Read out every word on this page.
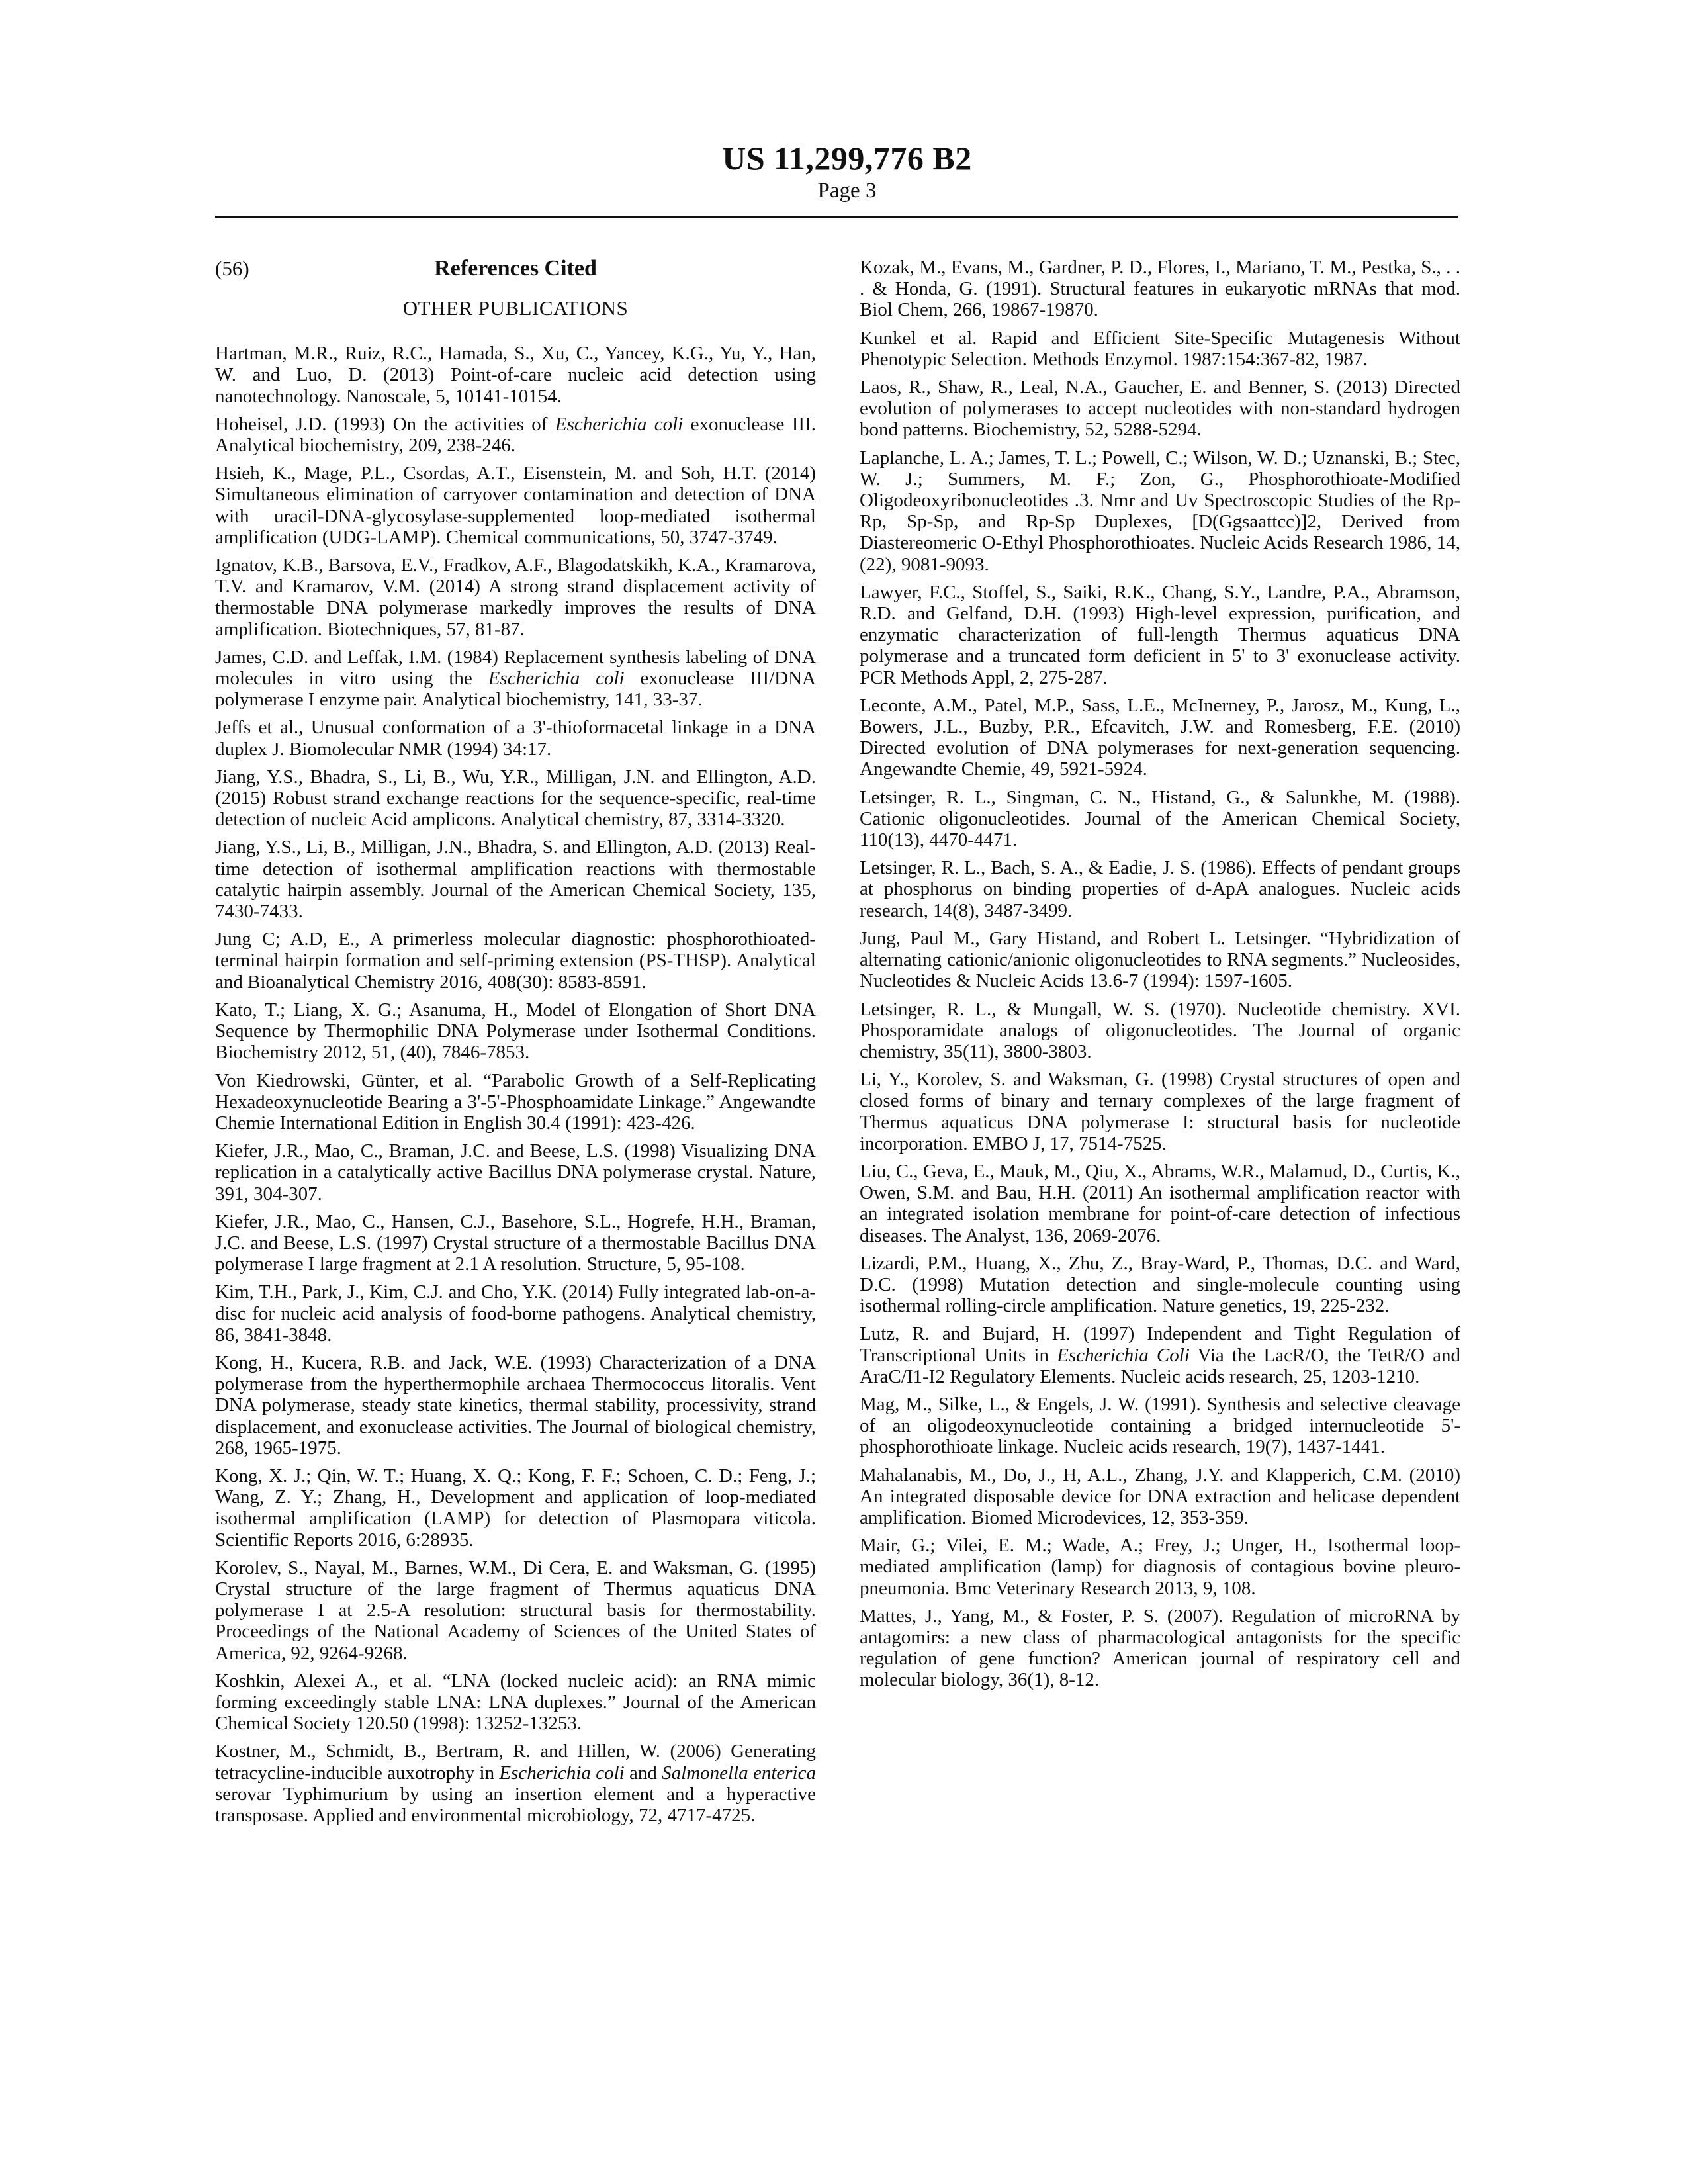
US 11,299,776 B2
Page 3
(56)	References Cited
OTHER PUBLICATIONS
Hartman, M.R., Ruiz, R.C., Hamada, S., Xu, C., Yancey, K.G., Yu, Y., Han, W. and Luo, D. (2013) Point-of-care nucleic acid detection using nanotechnology. Nanoscale, 5, 10141-10154.
Hoheisel, J.D. (1993) On the activities of Escherichia coli exonuclease III. Analytical biochemistry, 209, 238-246.
Hsieh, K., Mage, P.L., Csordas, A.T., Eisenstein, M. and Soh, H.T. (2014) Simultaneous elimination of carryover contamination and detection of DNA with uracil-DNA-glycosylase-supplemented loop-mediated isothermal amplification (UDG-LAMP). Chemical communications, 50, 3747-3749.
Ignatov, K.B., Barsova, E.V., Fradkov, A.F., Blagodatskikh, K.A., Kramarova, T.V. and Kramarov, V.M. (2014) A strong strand displacement activity of thermostable DNA polymerase markedly improves the results of DNA amplification. Biotechniques, 57, 81-87.
James, C.D. and Leffak, I.M. (1984) Replacement synthesis labeling of DNA molecules in vitro using the Escherichia coli exonuclease III/DNA polymerase I enzyme pair. Analytical biochemistry, 141, 33-37.
Jeffs et al., Unusual conformation of a 3'-thioformacetal linkage in a DNA duplex J. Biomolecular NMR (1994) 34:17.
Jiang, Y.S., Bhadra, S., Li, B., Wu, Y.R., Milligan, J.N. and Ellington, A.D. (2015) Robust strand exchange reactions for the sequence-specific, real-time detection of nucleic Acid amplicons. Analytical chemistry, 87, 3314-3320.
Jiang, Y.S., Li, B., Milligan, J.N., Bhadra, S. and Ellington, A.D. (2013) Real-time detection of isothermal amplification reactions with thermostable catalytic hairpin assembly. Journal of the American Chemical Society, 135, 7430-7433.
Jung C; A.D, E., A primerless molecular diagnostic: phosphorothioated-terminal hairpin formation and self-priming extension (PS-THSP). Analytical and Bioanalytical Chemistry 2016, 408(30): 8583-8591.
Kato, T.; Liang, X. G.; Asanuma, H., Model of Elongation of Short DNA Sequence by Thermophilic DNA Polymerase under Isothermal Conditions. Biochemistry 2012, 51, (40), 7846-7853.
Von Kiedrowski, Günter, et al. “Parabolic Growth of a Self-Replicating Hexadeoxynucleotide Bearing a 3'-5'-Phosphoamidate Linkage.” Angewandte Chemie International Edition in English 30.4 (1991): 423-426.
Kiefer, J.R., Mao, C., Braman, J.C. and Beese, L.S. (1998) Visualizing DNA replication in a catalytically active Bacillus DNA polymerase crystal. Nature, 391, 304-307.
Kiefer, J.R., Mao, C., Hansen, C.J., Basehore, S.L., Hogrefe, H.H., Braman, J.C. and Beese, L.S. (1997) Crystal structure of a thermostable Bacillus DNA polymerase I large fragment at 2.1 A resolution. Structure, 5, 95-108.
Kim, T.H., Park, J., Kim, C.J. and Cho, Y.K. (2014) Fully integrated lab-on-a-disc for nucleic acid analysis of food-borne pathogens. Analytical chemistry, 86, 3841-3848.
Kong, H., Kucera, R.B. and Jack, W.E. (1993) Characterization of a DNA polymerase from the hyperthermophile archaea Thermococcus litoralis. Vent DNA polymerase, steady state kinetics, thermal stability, processivity, strand displacement, and exonuclease activities. The Journal of biological chemistry, 268, 1965-1975.
Kong, X. J.; Qin, W. T.; Huang, X. Q.; Kong, F. F.; Schoen, C. D.; Feng, J.; Wang, Z. Y.; Zhang, H., Development and application of loop-mediated isothermal amplification (LAMP) for detection of Plasmopara viticola. Scientific Reports 2016, 6:28935.
Korolev, S., Nayal, M., Barnes, W.M., Di Cera, E. and Waksman, G. (1995) Crystal structure of the large fragment of Thermus aquaticus DNA polymerase I at 2.5-A resolution: structural basis for thermostability. Proceedings of the National Academy of Sciences of the United States of America, 92, 9264-9268.
Koshkin, Alexei A., et al. “LNA (locked nucleic acid): an RNA mimic forming exceedingly stable LNA: LNA duplexes.” Journal of the American Chemical Society 120.50 (1998): 13252-13253.
Kostner, M., Schmidt, B., Bertram, R. and Hillen, W. (2006) Generating tetracycline-inducible auxotrophy in Escherichia coli and Salmonella enterica serovar Typhimurium by using an insertion element and a hyperactive transposase. Applied and environmental microbiology, 72, 4717-4725.
Kozak, M., Evans, M., Gardner, P. D., Flores, I., Mariano, T. M., Pestka, S., . . . & Honda, G. (1991). Structural features in eukaryotic mRNAs that mod. Biol Chem, 266, 19867-19870.
Kunkel et al. Rapid and Efficient Site-Specific Mutagenesis Without Phenotypic Selection. Methods Enzymol. 1987:154:367-82, 1987.
Laos, R., Shaw, R., Leal, N.A., Gaucher, E. and Benner, S. (2013) Directed evolution of polymerases to accept nucleotides with non-standard hydrogen bond patterns. Biochemistry, 52, 5288-5294.
Laplanche, L. A.; James, T. L.; Powell, C.; Wilson, W. D.; Uznanski, B.; Stec, W. J.; Summers, M. F.; Zon, G., Phosphorothioate-Modified Oligodeoxyribonucleotides .3. Nmr and Uv Spectroscopic Studies of the Rp-Rp, Sp-Sp, and Rp-Sp Duplexes, [D(Ggsaattcc)]2, Derived from Diastereomeric O-Ethyl Phosphorothioates. Nucleic Acids Research 1986, 14, (22), 9081-9093.
Lawyer, F.C., Stoffel, S., Saiki, R.K., Chang, S.Y., Landre, P.A., Abramson, R.D. and Gelfand, D.H. (1993) High-level expression, purification, and enzymatic characterization of full-length Thermus aquaticus DNA polymerase and a truncated form deficient in 5' to 3' exonuclease activity. PCR Methods Appl, 2, 275-287.
Leconte, A.M., Patel, M.P., Sass, L.E., McInerney, P., Jarosz, M., Kung, L., Bowers, J.L., Buzby, P.R., Efcavitch, J.W. and Romesberg, F.E. (2010) Directed evolution of DNA polymerases for next-generation sequencing. Angewandte Chemie, 49, 5921-5924.
Letsinger, R. L., Singman, C. N., Histand, G., & Salunkhe, M. (1988). Cationic oligonucleotides. Journal of the American Chemical Society, 110(13), 4470-4471.
Letsinger, R. L., Bach, S. A., & Eadie, J. S. (1986). Effects of pendant groups at phosphorus on binding properties of d-ApA analogues. Nucleic acids research, 14(8), 3487-3499.
Jung, Paul M., Gary Histand, and Robert L. Letsinger. “Hybridization of alternating cationic/anionic oligonucleotides to RNA segments.” Nucleosides, Nucleotides & Nucleic Acids 13.6-7 (1994): 1597-1605.
Letsinger, R. L., & Mungall, W. S. (1970). Nucleotide chemistry. XVI. Phosporamidate analogs of oligonucleotides. The Journal of organic chemistry, 35(11), 3800-3803.
Li, Y., Korolev, S. and Waksman, G. (1998) Crystal structures of open and closed forms of binary and ternary complexes of the large fragment of Thermus aquaticus DNA polymerase I: structural basis for nucleotide incorporation. EMBO J, 17, 7514-7525.
Liu, C., Geva, E., Mauk, M., Qiu, X., Abrams, W.R., Malamud, D., Curtis, K., Owen, S.M. and Bau, H.H. (2011) An isothermal amplification reactor with an integrated isolation membrane for point-of-care detection of infectious diseases. The Analyst, 136, 2069-2076.
Lizardi, P.M., Huang, X., Zhu, Z., Bray-Ward, P., Thomas, D.C. and Ward, D.C. (1998) Mutation detection and single-molecule counting using isothermal rolling-circle amplification. Nature genetics, 19, 225-232.
Lutz, R. and Bujard, H. (1997) Independent and Tight Regulation of Transcriptional Units in Escherichia Coli Via the LacR/O, the TetR/O and AraC/I1-I2 Regulatory Elements. Nucleic acids research, 25, 1203-1210.
Mag, M., Silke, L., & Engels, J. W. (1991). Synthesis and selective cleavage of an oligodeoxynucleotide containing a bridged internucleotide 5'-phosphorothioate linkage. Nucleic acids research, 19(7), 1437-1441.
Mahalanabis, M., Do, J., H, A.L., Zhang, J.Y. and Klapperich, C.M. (2010) An integrated disposable device for DNA extraction and helicase dependent amplification. Biomed Microdevices, 12, 353-359.
Mair, G.; Vilei, E. M.; Wade, A.; Frey, J.; Unger, H., Isothermal loop-mediated amplification (lamp) for diagnosis of contagious bovine pleuro-pneumonia. Bmc Veterinary Research 2013, 9, 108.
Mattes, J., Yang, M., & Foster, P. S. (2007). Regulation of microRNA by antagomirs: a new class of pharmacological antagonists for the specific regulation of gene function? American journal of respiratory cell and molecular biology, 36(1), 8-12.
